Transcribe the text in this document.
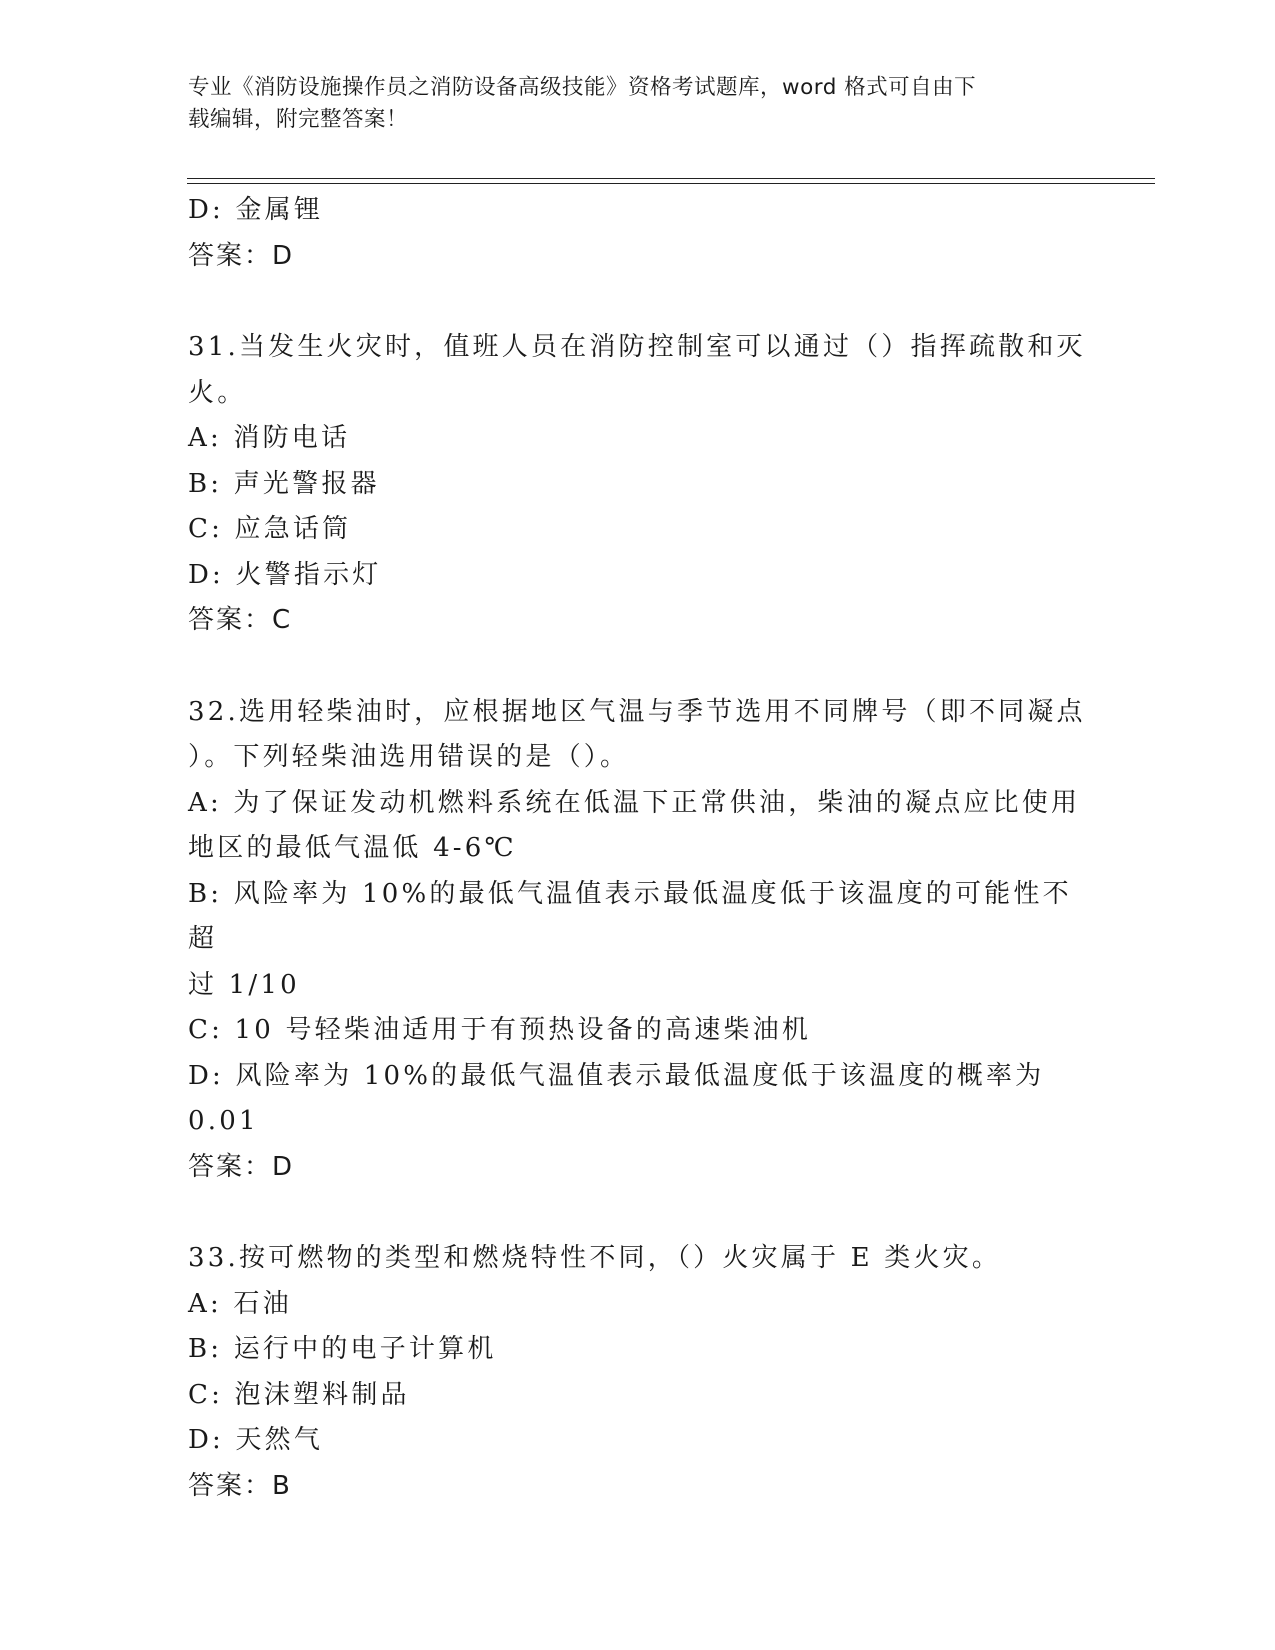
专业《消防设施操作员之消防设备高级技能》资格考试题库，word 格式可自由下
载编辑，附完整答案！

D: 金属锂

答案：D

31.当发生火灾时，值班人员在消防控制室可以通过（）指挥疏散和灭

火。

A: 消防电话

B: 声光警报器

C: 应急话筒

D: 火警指示灯

答案：C

32.选用轻柴油时，应根据地区气温与季节选用不同牌号（即不同凝点

）。下列轻柴油选用错误的是（）。

A: 为了保证发动机燃料系统在低温下正常供油，柴油的凝点应比使用

地区的最低气温低 4-6℃

B: 风险率为 10%的最低气温值表示最低温度低于该温度的可能性不超

过 1/10

C: 10 号轻柴油适用于有预热设备的高速柴油机

D: 风险率为 10%的最低气温值表示最低温度低于该温度的概率为 0.01

答案：D

33.按可燃物的类型和燃烧特性不同，（）火灾属于 E 类火灾。

A: 石油

B: 运行中的电子计算机

C: 泡沫塑料制品

D: 天然气

答案：B
